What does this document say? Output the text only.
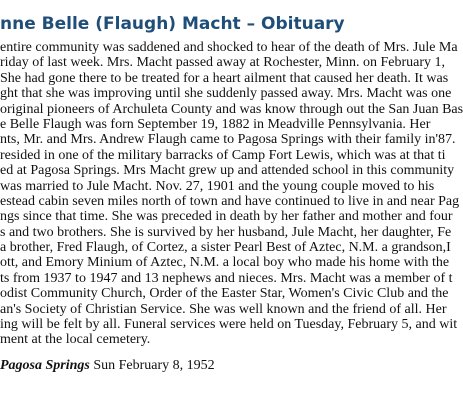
nne Belle (Flaugh) Macht – Obituary
entire community was saddened and shocked to hear of the death of Mrs. Jule Ma
riday of last week. Mrs. Macht passed away at Rochester, Minn. on February 1,
She had gone there to be treated for a heart ailment that caused her death. It was
ght that she was improving until she suddenly passed away. Mrs. Macht was one
original pioneers of Archuleta County and was know through out the San Juan Bas
e Belle Flaugh was forn September 19, 1882 in Meadville Pennsylvania. Her
nts, Mr. and Mrs. Andrew Flaugh came to Pagosa Springs with their family in'87.
resided in one of the military barracks of Camp Fort Lewis, which was at that ti
ed at Pagosa Springs. Mrs Macht grew up and attended school in this community
was married to Jule Macht. Nov. 27, 1901 and the young couple moved to his
estead cabin seven miles north of town and have continued to live in and near Pag
ngs since that time. She was preceded in death by her father and mother and four
s and two brothers. She is survived by her husband, Jule Macht, her daughter, Fe
a brother, Fred Flaugh, of Cortez, a sister Pearl Best of Aztec, N.M. a grandson,I
ott, and Emory Minium of Aztec, N.M. a local boy who made his home with the
ts from 1937 to 1947 and 13 nephews and nieces. Mrs. Macht was a member of t
odist Community Church, Order of the Easter Star, Women's Civic Club and the
an's Society of Christian Service. She was well known and the friend of all. Her
ing will be felt by all. Funeral services were held on Tuesday, February 5, and wit
ment at the local cemetery.

Pagosa Springs Sun February 8, 1952
